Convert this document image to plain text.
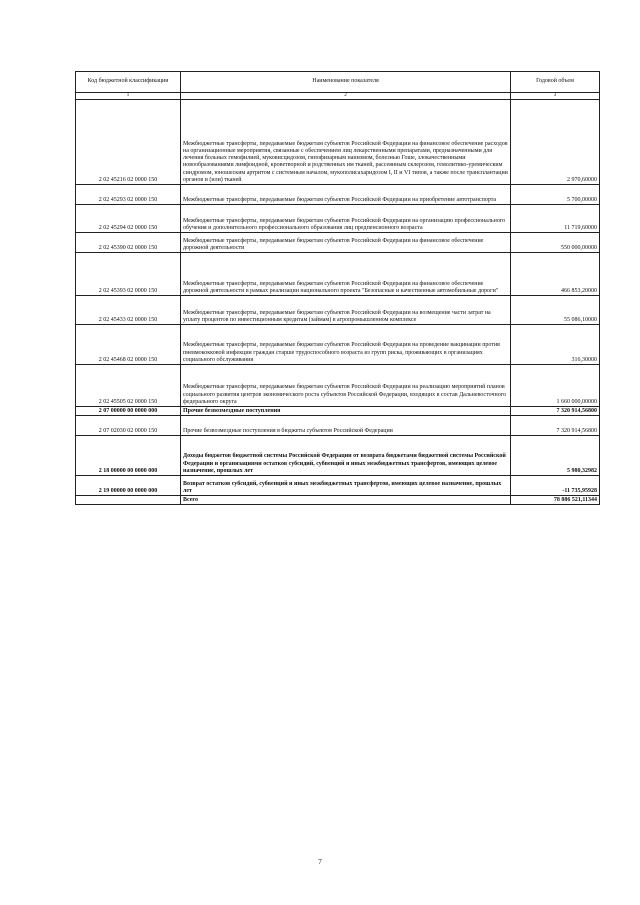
Код бюджетной классификации	Наименование показателя	Годовой объем
1	2	3
2 02 45216 02 0000 150	Межбюджетные трансферты, передаваемые бюджетам субъектов Российской Федерации на финансовое обеспечение расходов на организационные мероприятия, связанные с обеспечением лиц лекарственными препаратами, предназначенными для лечения больных гемофилией, муковисцидозом, гипофизарным нанизмом, болезнью Гоше, злокачественными новообразованиями лимфоидной, кроветворной и родственных им тканей, рассеянным склерозом, гемолитико-уремическим синдромом, юношеским артритом с системным началом, мукополисахаридозом I, II и VI типов, а также после трансплантации органов и (или) тканей	2 970,60000
2 02 45293 02 0000 150	Межбюджетные трансферты, передаваемые бюджетам субъектов Российской Федерации на приобретение автотранспорта	5 700,00000
2 02 45294 02 0000 150	Межбюджетные трансферты, передаваемые бюджетам субъектов Российской Федерации на организацию профессионального обучения и дополнительного профессионального образования лиц предпенсионного возраста	11 719,60000
2 02 45390 02 0000 150	Межбюджетные трансферты, передаваемые бюджетам субъектов Российской Федерации на финансовое обеспечение дорожной деятельности	550 000,00000
2 02 45393 02 0000 150	Межбюджетные трансферты, передаваемые бюджетам субъектов Российской Федерации на финансовое обеспечение дорожной деятельности в рамках реализации национального проекта "Безопасные и качественные автомобильные дороги"	466 853,20000
2 02 45433 02 0000 150	Межбюджетные трансферты, передаваемые бюджетам субъектов Российской Федерации на возмещение части затрат на уплату процентов по инвестиционным кредитам (займам) в агропромышленном комплексе	55 086,10000
2 02 45468 02 0000 150	Межбюджетные трансферты, передаваемые бюджетам субъектов Российской Федерации на проведение вакцинации против пневмококковой инфекции граждан старше трудоспособного возраста из групп риска, проживающих в организациях социального обслуживания	316,30000
2 02 45505 02 0000 150	Межбюджетные трансферты, передаваемые бюджетам субъектов Российской Федерации на реализацию мероприятий планов социального развития центров экономического роста субъектов Российской Федерации, входящих в состав Дальневосточного федерального округа	1 660 000,00000
2 07 00000 00 0000 000	Прочие безвозмездные поступления	7 320 914,56800
2 07 02030 02 0000 150	Прочие безвозмездные поступления в бюджеты субъектов Российской Федерации	7 320 914,56800
2 18 00000 00 0000 000	Доходы бюджетов бюджетной системы Российской Федерации от возврата бюджетами бюджетной системы Российской Федерации и организациями остатков субсидий, субвенций и иных межбюджетных трансфертов, имеющих целевое назначение, прошлых лет	5 980,32982
2 19 00000 00 0000 000	Возврат остатков субсидий, субвенций и иных межбюджетных трансфертов, имеющих целевое назначение, прошлых лет	-11 735,95928
	Всего	78 886 521,11344
7
